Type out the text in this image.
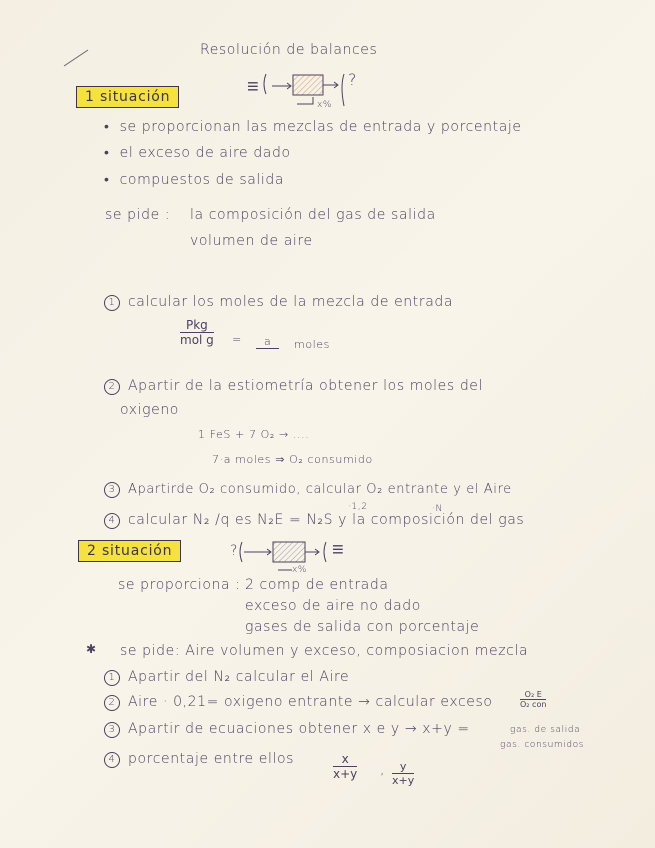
Resolución de balances
1 situación	≡	?
x%
•  se proporcionan las mezclas de entrada y porcentaje
•  el exceso de aire dado
•  compuestos de salida
se pide : la composición del gas de salida
volumen de aire
1 calcular los moles de la mezcla de entrada
Pkg
mol g =	a	moles
2 Apartir de la estiometría obtener los moles del
oxigeno
1 FeS + 7 O₂ → ....
7·a moles ⇒ O₂ consumido
3 Apartirde O₂ consumido, calcular O₂ entrante y el Aire
·1,2	·N
4 calcular N₂ /q es N₂E = N₂S y la composición del gas
2 situación	?	≡
x%
se proporciona : 2 comp de entrada
exceso de aire no dado
gases de salida con porcentaje
✱ se pide: Aire volumen y exceso, composiacion mezcla
1 Apartir del N₂ calcular el Aire
2 Aire · 0,21= oxigeno entrante → calcular exceso	O₂ E
O₂ con
3 Apartir de ecuaciones obtener x e y → x+y =	gas. de salida
gas. consumidos
4 porcentaje entre ellos	$\frac{x}{x+y}$ , $\frac{y}{x+y}$
